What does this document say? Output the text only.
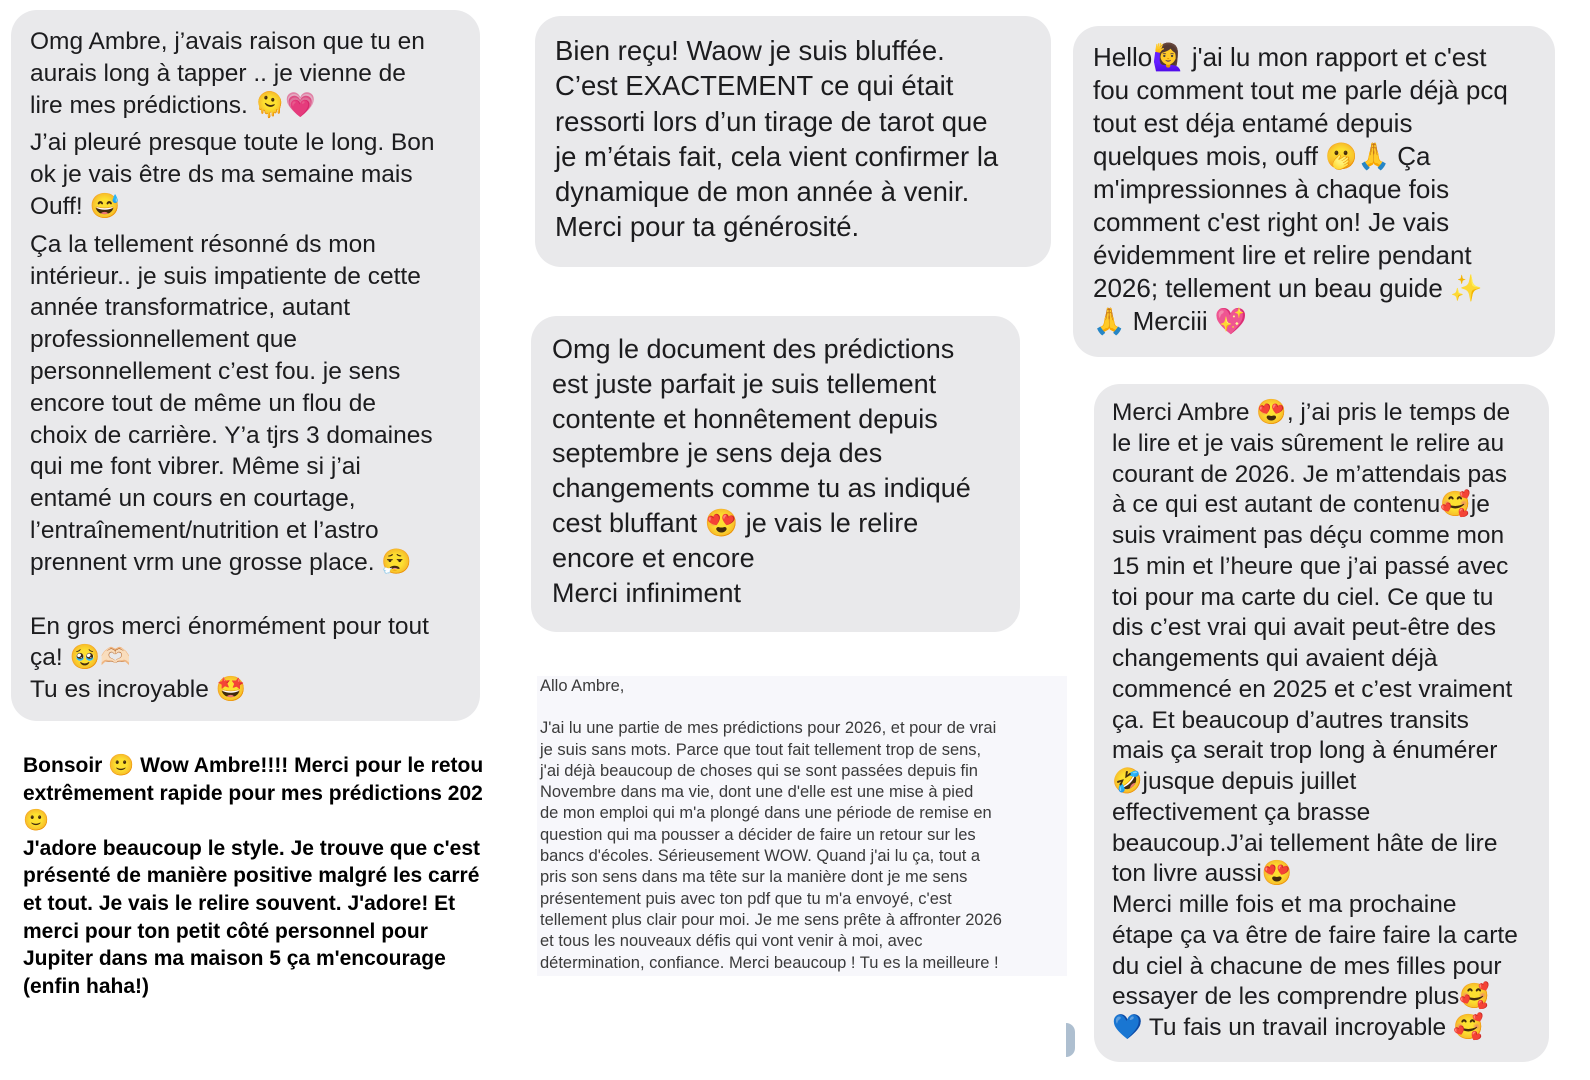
Omg Ambre, j’avais raison que tu en

aurais long à tapper .. je vienne de

lire mes prédictions. 🫠💗

J’ai pleuré presque toute le long. Bon

ok je vais être ds ma semaine mais

Ouff! 😅

Ça la tellement résonné ds mon

intérieur.. je suis impatiente de cette

année transformatrice, autant

professionnellement que

personnellement c’est fou. je sens

encore tout de même un flou de

choix de carrière. Y’a tjrs 3 domaines

qui me font vibrer. Même si j’ai

entamé un cours en courtage,

l’entraînement/nutrition et l’astro

prennent vrm une grosse place. 😮‍💨

En gros merci énormément pour tout

ça! 🥹🫶🏻

Tu es incroyable 🤩

Bonsoir 🙂 Wow Ambre!!!! Merci pour le retou

extrêmement rapide pour mes prédictions 202

🙂

J'adore beaucoup le style. Je trouve que c'est

présenté de manière positive malgré les carré

et tout. Je vais le relire souvent. J'adore! Et

merci pour ton petit côté personnel pour

Jupiter dans ma maison 5 ça m'encourage

(enfin haha!)

Bien reçu! Waow je suis bluffée.

C’est EXACTEMENT ce qui était

ressorti lors d’un tirage de tarot que

je m’étais fait, cela vient confirmer la

dynamique de mon année à venir.

Merci pour ta générosité.

Omg le document des prédictions

est juste parfait je suis tellement

contente et honnêtement depuis

septembre je sens deja des

changements comme tu as indiqué

cest bluffant 😍 je vais le relire

encore et encore

Merci infiniment

Allo Ambre,

J'ai lu une partie de mes prédictions pour 2026, et pour de vrai

je suis sans mots. Parce que tout fait tellement trop de sens,

j'ai déjà beaucoup de choses qui se sont passées depuis fin

Novembre dans ma vie, dont une d'elle est une mise à pied

de mon emploi qui m'a plongé dans une période de remise en

question qui ma pousser a décider de faire un retour sur les

bancs d'écoles. Sérieusement WOW. Quand j'ai lu ça, tout a

pris son sens dans ma tête sur la manière dont je me sens

présentement puis avec ton pdf que tu m'a envoyé, c'est

tellement plus clair pour moi. Je me sens prête à affronter 2026

et tous les nouveaux défis qui vont venir à moi, avec

détermination, confiance. Merci beaucoup ! Tu es la meilleure !

Hello🙋‍♀️ j'ai lu mon rapport et c'est

fou comment tout me parle déjà pcq

tout est déja entamé depuis

quelques mois, ouff 🫢🙏 Ça

m'impressionnes à chaque fois

comment c'est right on! Je vais

évidemment lire et relire pendant

2026; tellement un beau guide ✨

🙏 Merciii 💖

Merci Ambre 😍, j’ai pris le temps de

le lire et je vais sûrement le relire au

courant de 2026. Je m’attendais pas

à ce qui est autant de contenu🥰je

suis vraiment pas déçu comme mon

15 min et l’heure que j’ai passé avec

toi pour ma carte du ciel. Ce que tu

dis c’est vrai qui avait peut-être des

changements qui avaient déjà

commencé en 2025 et c’est vraiment

ça. Et beaucoup d’autres transits

mais ça serait trop long à énumérer

🤣jusque depuis juillet

effectivement ça brasse

beaucoup.J’ai tellement hâte de lire

ton livre aussi😍

Merci mille fois et ma prochaine

étape ça va être de faire faire la carte

du ciel à chacune de mes filles pour

essayer de les comprendre plus🥰

💙 Tu fais un travail incroyable 🥰
